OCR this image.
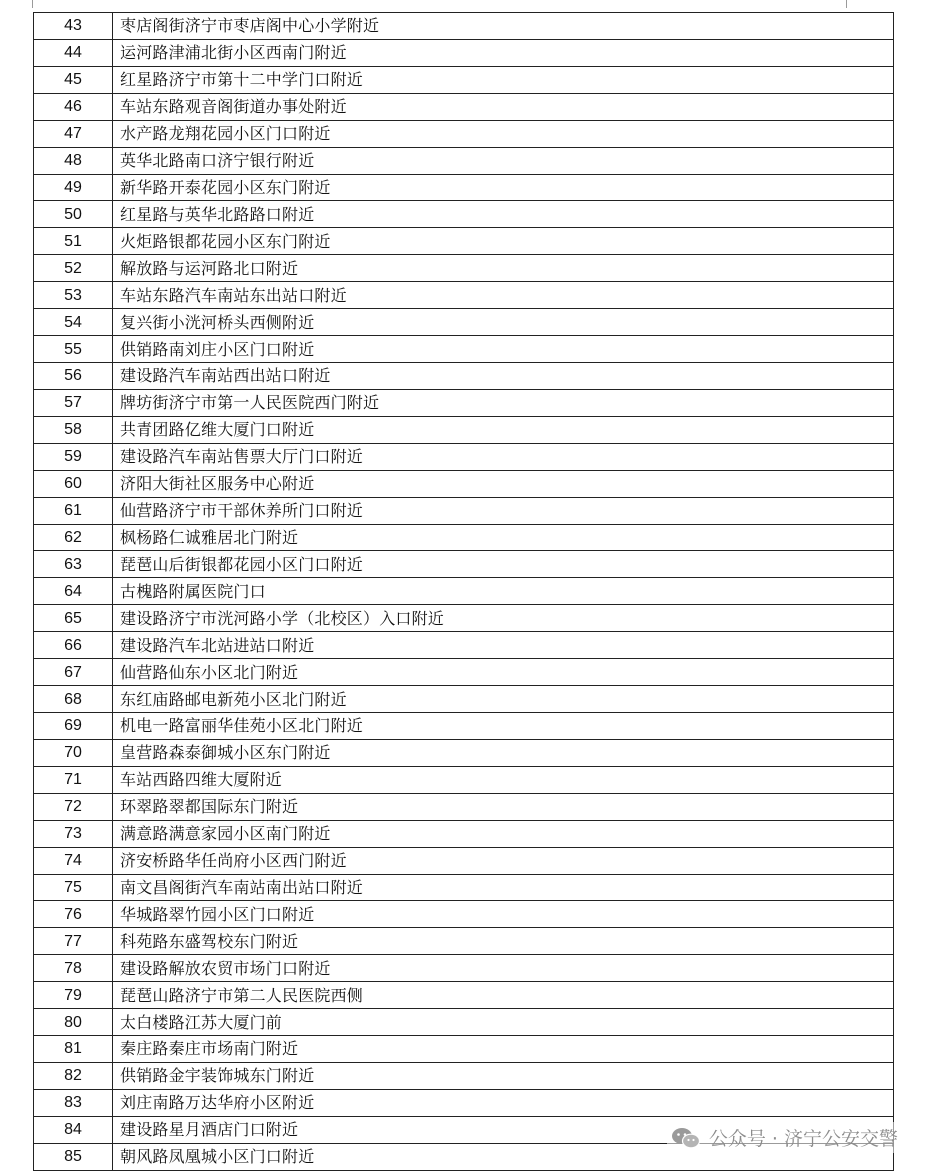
43	枣店阁街济宁市枣店阁中心小学附近
44	运河路津浦北街小区西南门附近
45	红星路济宁市第十二中学门口附近
46	车站东路观音阁街道办事处附近
47	水产路龙翔花园小区门口附近
48	英华北路南口济宁银行附近
49	新华路开泰花园小区东门附近
50	红星路与英华北路路口附近
51	火炬路银都花园小区东门附近
52	解放路与运河路北口附近
53	车站东路汽车南站东出站口附近
54	复兴街小洸河桥头西侧附近
55	供销路南刘庄小区门口附近
56	建设路汽车南站西出站口附近
57	牌坊街济宁市第一人民医院西门附近
58	共青团路亿维大厦门口附近
59	建设路汽车南站售票大厅门口附近
60	济阳大街社区服务中心附近
61	仙营路济宁市干部休养所门口附近
62	枫杨路仁诚雅居北门附近
63	琵琶山后街银都花园小区门口附近
64	古槐路附属医院门口
65	建设路济宁市洸河路小学（北校区）入口附近
66	建设路汽车北站进站口附近
67	仙营路仙东小区北门附近
68	东红庙路邮电新苑小区北门附近
69	机电一路富丽华佳苑小区北门附近
70	皇营路森泰御城小区东门附近
71	车站西路四维大厦附近
72	环翠路翠都国际东门附近
73	满意路满意家园小区南门附近
74	济安桥路华任尚府小区西门附近
75	南文昌阁街汽车南站南出站口附近
76	华城路翠竹园小区门口附近
77	科苑路东盛驾校东门附近
78	建设路解放农贸市场门口附近
79	琵琶山路济宁市第二人民医院西侧
80	太白楼路江苏大厦门前
81	秦庄路秦庄市场南门附近
82	供销路金宇装饰城东门附近
83	刘庄南路万达华府小区附近
84	建设路星月酒店门口附近
85	朝风路凤凰城小区门口附近
公众号 · 济宁公安交警
